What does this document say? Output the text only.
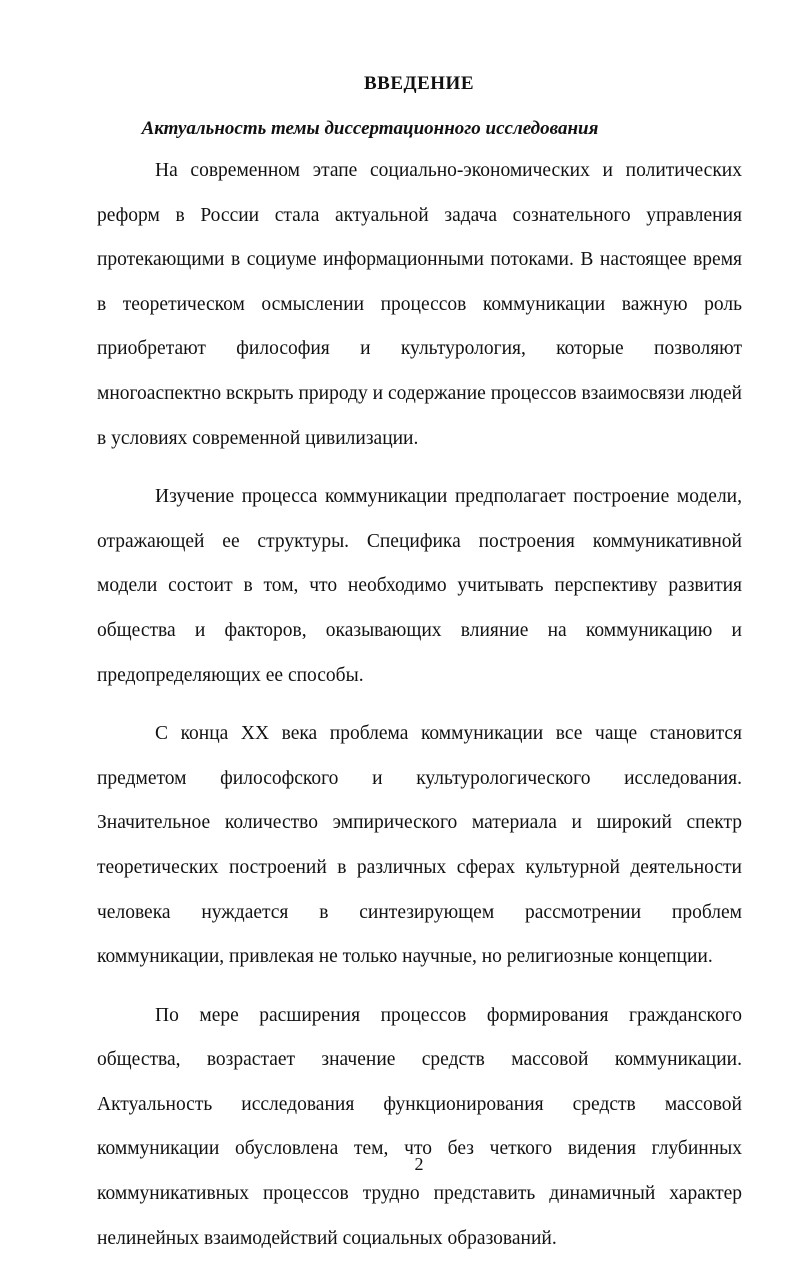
ВВЕДЕНИЕ
Актуальность темы диссертационного исследования

На современном этапе социально-экономических и политических реформ в России стала актуальной задача сознательного управления протекающими в социуме информационными потоками. В настоящее время в теоретическом осмыслении процессов коммуникации важную роль приобретают философия и культурология, которые позволяют многоаспектно вскрыть природу и содержание процессов взаимосвязи людей в условиях современной цивилизации.

Изучение процесса коммуникации предполагает построение модели, отражающей ее структуры. Специфика построения коммуникативной модели состоит в том, что необходимо учитывать перспективу развития общества и факторов, оказывающих влияние на коммуникацию и предопределяющих ее способы.

С конца XX века проблема коммуникации все чаще становится предметом философского и культурологического исследования. Значительное количество эмпирического материала и широкий спектр теоретических построений в различных сферах культурной деятельности человека нуждается в синтезирующем рассмотрении проблем коммуникации, привлекая не только научные, но религиозные концепции.

По мере расширения процессов формирования гражданского общества, возрастает значение средств массовой коммуникации. Актуальность исследования функционирования средств массовой коммуникации обусловлена тем, что без четкого видения глубинных коммуникативных процессов трудно представить динамичный характер нелинейных взаимодействий социальных образований.

2
